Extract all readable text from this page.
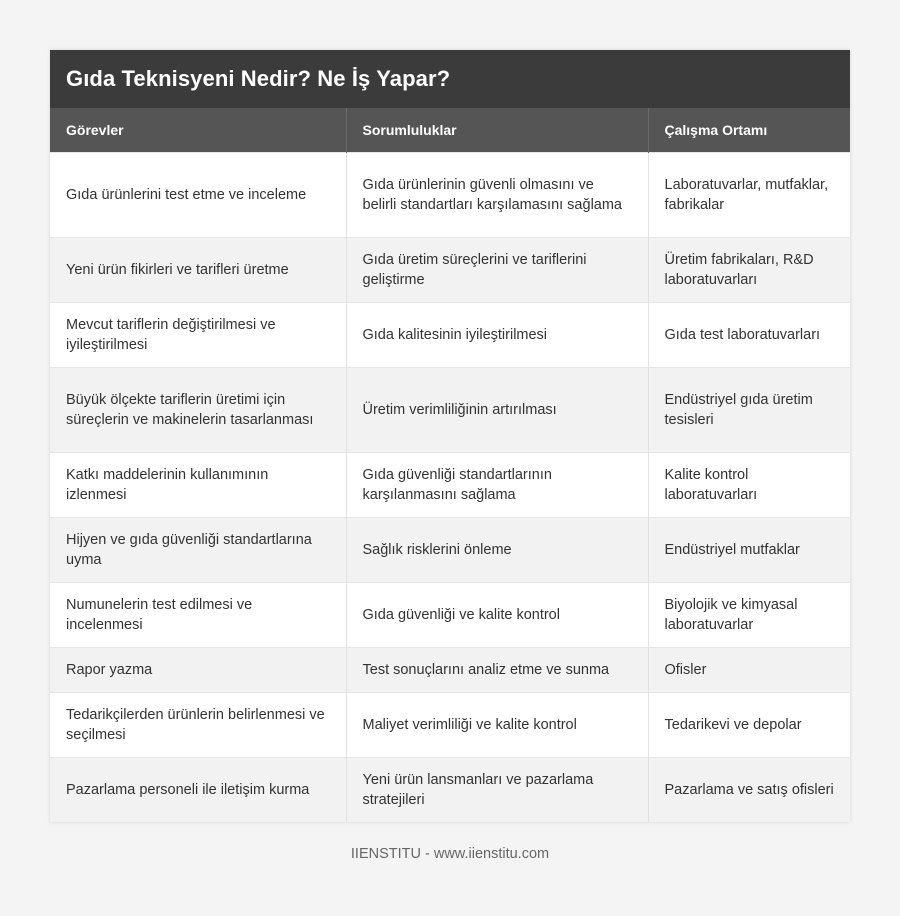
Gıda Teknisyeni Nedir? Ne İş Yapar?
Görevler	Sorumluluklar	Çalışma Ortamı
Gıda ürünlerini test etme ve inceleme	Gıda ürünlerinin güvenli olmasını ve belirli standartları karşılamasını sağlama	Laboratuvarlar, mutfaklar, fabrikalar
Yeni ürün fikirleri ve tarifleri üretme	Gıda üretim süreçlerini ve tariflerini geliştirme	Üretim fabrikaları, R&D laboratuvarları
Mevcut tariflerin değiştirilmesi ve iyileştirilmesi	Gıda kalitesinin iyileştirilmesi	Gıda test laboratuvarları
Büyük ölçekte tariflerin üretimi için süreçlerin ve makinelerin tasarlanması	Üretim verimliliğinin artırılması	Endüstriyel gıda üretim tesisleri
Katkı maddelerinin kullanımının izlenmesi	Gıda güvenliği standartlarının karşılanmasını sağlama	Kalite kontrol laboratuvarları
Hijyen ve gıda güvenliği standartlarına uyma	Sağlık risklerini önleme	Endüstriyel mutfaklar
Numunelerin test edilmesi ve incelenmesi	Gıda güvenliği ve kalite kontrol	Biyolojik ve kimyasal laboratuvarlar
Rapor yazma	Test sonuçlarını analiz etme ve sunma	Ofisler
Tedarikçilerden ürünlerin belirlenmesi ve seçilmesi	Maliyet verimliliği ve kalite kontrol	Tedarikevi ve depolar
Pazarlama personeli ile iletişim kurma	Yeni ürün lansmanları ve pazarlama stratejileri	Pazarlama ve satış ofisleri
IIENSTITU - www.iienstitu.com
